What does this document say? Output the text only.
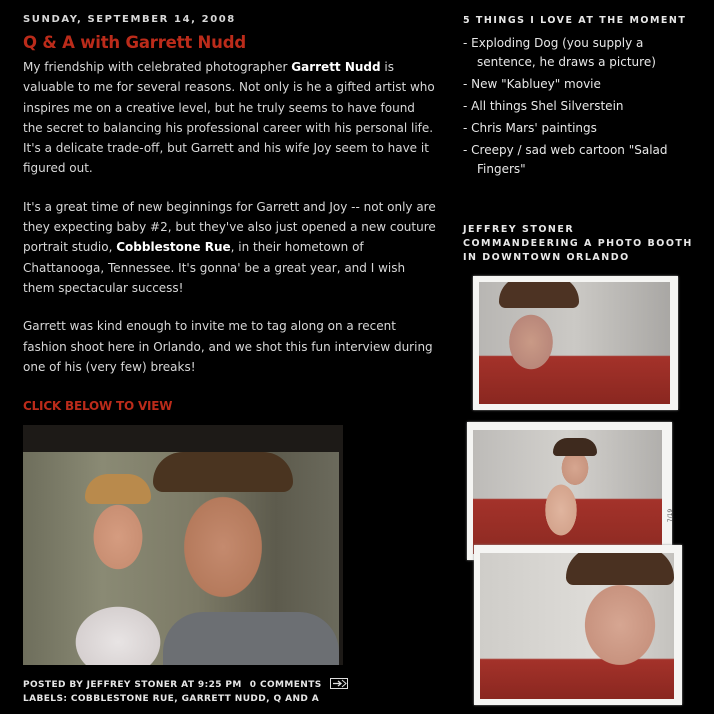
SUNDAY, SEPTEMBER 14, 2008
Q & A with Garrett Nudd

My friendship with celebrated photographer Garrett Nudd is valuable to me for several reasons. Not only is he a gifted artist who inspires me on a creative level, but he truly seems to have found the secret to balancing his professional career with his personal life. It's a delicate trade-off, but Garrett and his wife Joy seem to have it figured out.

It's a great time of new beginnings for Garrett and Joy -- not only are they expecting baby #2, but they've also just opened a new couture portrait studio, Cobblestone Rue, in their hometown of Chattanooga, Tennessee. It's gonna' be a great year, and I wish them spectacular success!

Garrett was kind enough to invite me to tag along on a recent fashion shoot here in Orlando, and we shot this fun interview during one of his (very few) breaks!

CLICK BELOW TO VIEW
POSTED BY JEFFREY STONER AT 9:25 PM 0 COMMENTS
LABELS: COBBLESTONE RUE, GARRETT NUDD, Q AND A
5 THINGS I LOVE AT THE MOMENT
- Exploding Dog (you supply a
sentence, he draws a picture)
- New "Kabluey" movie
- All things Shel Silverstein
- Chris Mars' paintings
- Creepy / sad web cartoon "Salad
Fingers"
JEFFREY STONER
COMMANDEERING A PHOTO BOOTH
IN DOWNTOWN ORLANDO
7/19
